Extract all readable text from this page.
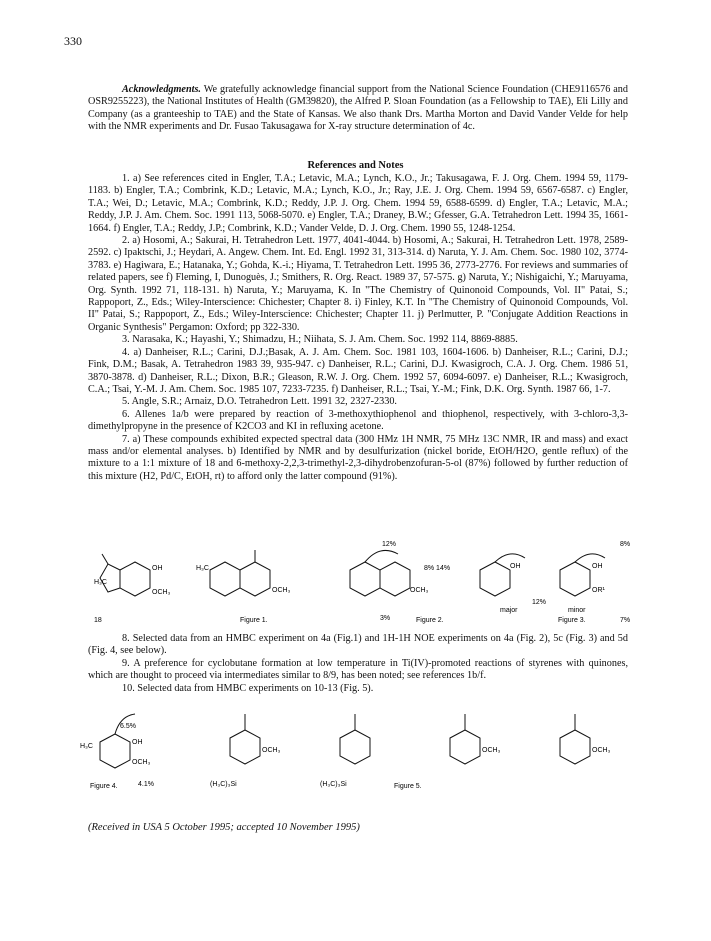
330

Acknowledgments. We gratefully acknowledge financial support from the National Science Foundation (CHE9116576 and OSR9255223), the National Institutes of Health (GM39820), the Alfred P. Sloan Foundation (as a Fellowship to TAE), Eli Lilly and Company (as a granteeship to TAE) and the State of Kansas. We also thank Drs. Martha Morton and David Vander Velde for help with the NMR experiments and Dr. Fusao Takusagawa for X-ray structure determination of 4c.

References and Notes

1. a) See references cited in Engler, T.A.; Letavic, M.A.; Lynch, K.O., Jr.; Takusagawa, F. J. Org. Chem. 1994 59, 1179-1183. b) Engler, T.A.; Combrink, K.D.; Letavic, M.A.; Lynch, K.O., Jr.; Ray, J.E. J. Org. Chem. 1994 59, 6567-6587. c) Engler, T.A.; Wei, D.; Letavic, M.A.; Combrink, K.D.; Reddy, J.P. J. Org. Chem. 1994 59, 6588-6599. d) Engler, T.A.; Letavic, M.A.; Reddy, J.P. J. Am. Chem. Soc. 1991 113, 5068-5070. e) Engler, T.A.; Draney, B.W.; Gfesser, G.A. Tetrahedron Lett. 1994 35, 1661-1664. f) Engler, T.A.; Reddy, J.P.; Combrink, K.D.; Vander Velde, D. J. Org. Chem. 1990 55, 1248-1254.

2. a) Hosomi, A.; Sakurai, H. Tetrahedron Lett. 1977, 4041-4044. b) Hosomi, A.; Sakurai, H. Tetrahedron Lett. 1978, 2589-2592. c) Ipaktschi, J.; Heydari, A. Angew. Chem. Int. Ed. Engl. 1992 31, 313-314. d) Naruta, Y. J. Am. Chem. Soc. 1980 102, 3774-3783. e) Hagiwara, E.; Hatanaka, Y.; Gohda, K.-i.; Hiyama, T. Tetrahedron Lett. 1995 36, 2773-2776. For reviews and summaries of related papers, see f) Fleming, I, Dunoguès, J.; Smithers, R. Org. React. 1989 37, 57-575. g) Naruta, Y.; Nishigaichi, Y.; Maruyama, Org. Synth. 1992 71, 118-131. h) Naruta, Y.; Maruyama, K. In "The Chemistry of Quinonoid Compounds, Vol. II" Patai, S.; Rappoport, Z., Eds.; Wiley-Interscience: Chichester; Chapter 8. i) Finley, K.T. In "The Chemistry of Quinonoid Compounds, Vol. II" Patai, S.; Rappoport, Z., Eds.; Wiley-Interscience: Chichester; Chapter 11. j) Perlmutter, P. "Conjugate Addition Reactions in Organic Synthesis" Pergamon: Oxford; pp 322-330.

3. Narasaka, K.; Hayashi, Y.; Shimadzu, H.; Niihata, S. J. Am. Chem. Soc. 1992 114, 8869-8885.

4. a) Danheiser, R.L.; Carini, D.J.;Basak, A. J. Am. Chem. Soc. 1981 103, 1604-1606. b) Danheiser, R.L.; Carini, D.J.; Fink, D.M.; Basak, A. Tetrahedron 1983 39, 935-947. c) Danheiser, R.L.; Carini, D.J. Kwasigroch, C.A. J. Org. Chem. 1986 51, 3870-3878. d) Danheiser, R.L.; Dixon, B.R.; Gleason, R.W. J. Org. Chem. 1992 57, 6094-6097. e) Danheiser, R.L.; Kwasigroch, C.A.; Tsai, Y.-M. J. Am. Chem. Soc. 1985 107, 7233-7235. f) Danheiser, R.L.; Tsai, Y.-M.; Fink, D.K. Org. Synth. 1987 66, 1-7.

5. Angle, S.R.; Arnaiz, D.O. Tetrahedron Lett. 1991 32, 2327-2330.

6. Allenes 1a/b were prepared by reaction of 3-methoxythiophenol and thiophenol, respectively, with 3-chloro-3,3-dimethylpropyne in the presence of K2CO3 and KI in refluxing acetone.

7. a) These compounds exhibited expected spectral data (300 HMz 1H NMR, 75 MHz 13C NMR, IR and mass) and exact mass and/or elemental analyses. b) Identified by NMR and by desulfurization (nickel boride, EtOH/H2O, gentle reflux) of the mixture to a 1:1 mixture of 18 and 6-methoxy-2,2,3-trimethyl-2,3-dihydrobenzofuran-5-ol (87%) followed by further reduction of this mixture (H2, Pd/C, EtOH, rt) to afford only the latter compound (91%).

H₃C
OH
OCH₃
H₃C
OCH₃	OCH₃
OH	OH
OR¹
12%	8%
8% 14%
3%
major	minor
12%
7%
18	Figure 1.	Figure 2.	Figure 3.

8. Selected data from an HMBC experiment on 4a (Fig.1) and 1H-1H NOE experiments on 4a (Fig. 2), 5c (Fig. 3) and 5d (Fig. 4, see below).

9. A preference for cyclobutane formation at low temperature in Ti(IV)-promoted reactions of styrenes with quinones, which are thought to proceed via intermediates similar to 8/9, has been noted; see references 1b/f.

10. Selected data from HMBC experiments on 10-13 (Fig. 5).

6.5%
4.1%
H₃C
OH
OCH₃
OCH₃
(H₃C)₃Si	(H₃C)₃Si
OCH₃	OCH₃
Figure 4.	Figure 5.
(Received in USA 5 October 1995; accepted 10 November 1995)
